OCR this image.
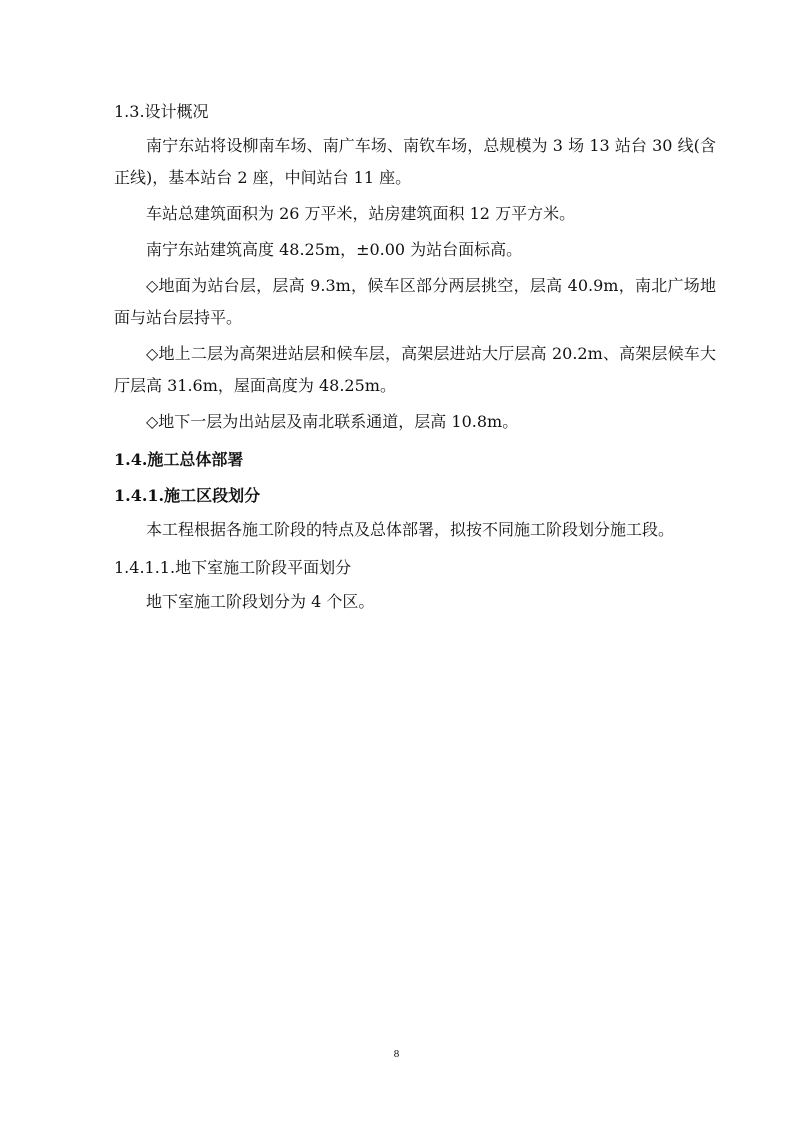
1.3.设计概况

南宁东站将设柳南车场、南广车场、南钦车场，总规模为 3 场 13 站台 30 线(含正线)，基本站台 2 座，中间站台 11 座。

车站总建筑面积为 26 万平米，站房建筑面积 12 万平方米。

南宁东站建筑高度 48.25m，±0.00 为站台面标高。

◇地面为站台层，层高 9.3m，候车区部分两层挑空，层高 40.9m，南北广场地面与站台层持平。

◇地上二层为高架进站层和候车层，高架层进站大厅层高 20.2m、高架层候车大厅层高 31.6m，屋面高度为 48.25m。

◇地下一层为出站层及南北联系通道，层高 10.8m。

1.4.施工总体部署
1.4.1.施工区段划分

本工程根据各施工阶段的特点及总体部署，拟按不同施工阶段划分施工段。

1.4.1.1.地下室施工阶段平面划分

地下室施工阶段划分为 4 个区。

8
